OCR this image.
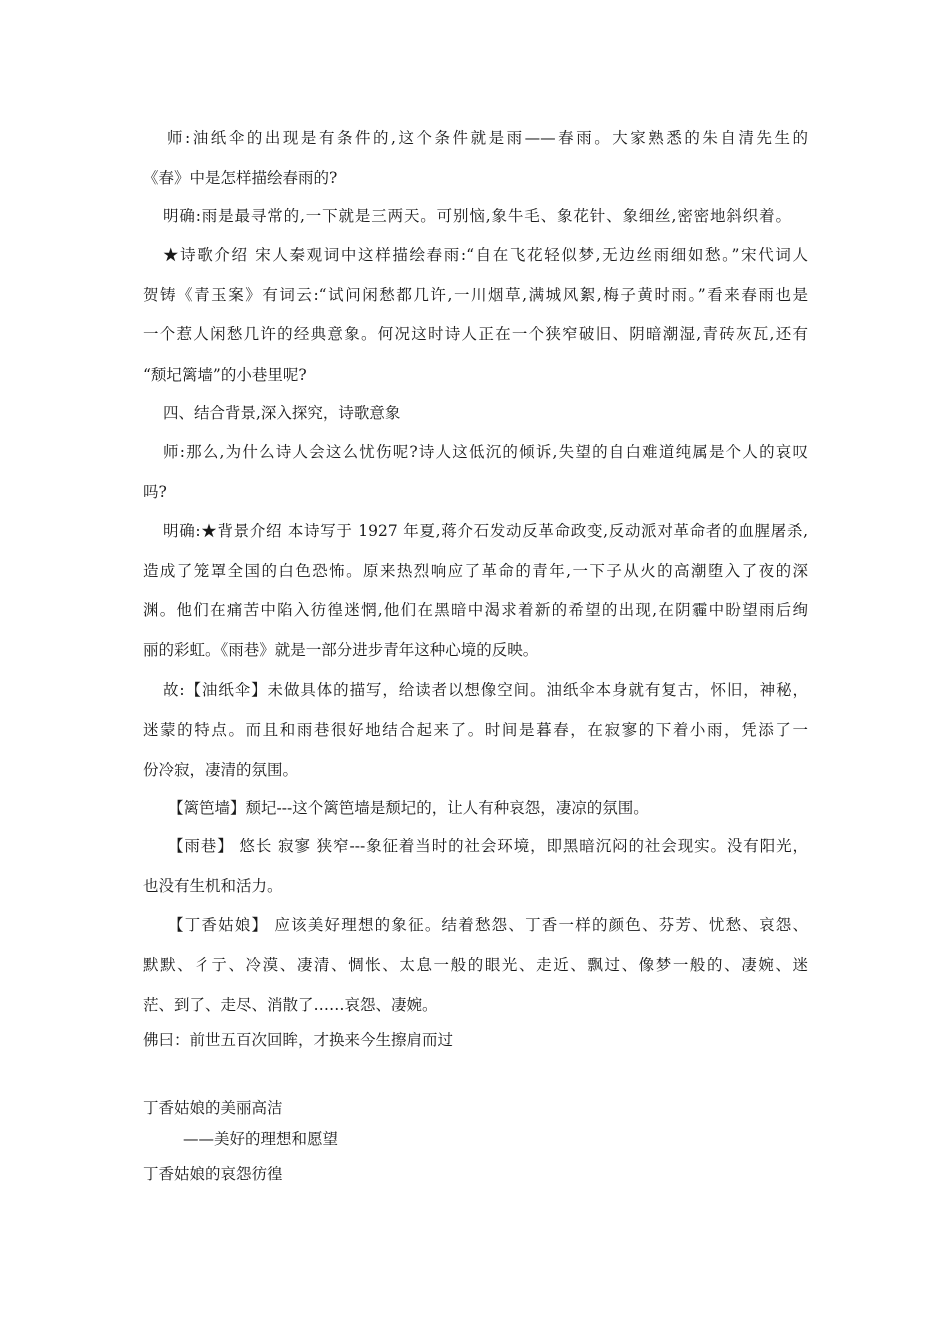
师:油纸伞的出现是有条件的,这个条件就是雨——春雨。大家熟悉的朱自清先生的
《春》中是怎样描绘春雨的?
明确:雨是最寻常的,一下就是三两天。可别恼,象牛毛、象花针、象细丝,密密地斜织着。
★诗歌介绍 宋人秦观词中这样描绘春雨:“自在飞花轻似梦,无边丝雨细如愁。”宋代词人
贺铸《青玉案》有词云:“试问闲愁都几许,一川烟草,满城风絮,梅子黄时雨。”看来春雨也是
一个惹人闲愁几许的经典意象。何况这时诗人正在一个狭窄破旧、阴暗潮湿,青砖灰瓦,还有
“颓圮篱墙”的小巷里呢?
四、结合背景,深入探究，诗歌意象
师:那么,为什么诗人会这么忧伤呢?诗人这低沉的倾诉,失望的自白难道纯属是个人的哀叹
吗?
明确:★背景介绍 本诗写于 1927 年夏,蒋介石发动反革命政变,反动派对革命者的血腥屠杀,
造成了笼罩全国的白色恐怖。原来热烈响应了革命的青年,一下子从火的高潮堕入了夜的深
渊。他们在痛苦中陷入彷徨迷惘,他们在黑暗中渴求着新的希望的出现,在阴霾中盼望雨后绚
丽的彩虹。《雨巷》就是一部分进步青年这种心境的反映。
故:【油纸伞】未做具体的描写，给读者以想像空间。油纸伞本身就有复古，怀旧，神秘，
迷蒙的特点。而且和雨巷很好地结合起来了。时间是暮春，在寂寥的下着小雨，凭添了一
份冷寂，凄清的氛围。
【篱笆墙】颓圮---这个篱笆墙是颓圮的，让人有种哀怨，凄凉的氛围。
【雨巷】 悠长 寂寥 狭窄---象征着当时的社会环境，即黑暗沉闷的社会现实。没有阳光，
也没有生机和活力。
【丁香姑娘】 应该美好理想的象征。结着愁怨、丁香一样的颜色、芬芳、忧愁、哀怨、
默默、彳亍、冷漠、凄清、惆怅、太息一般的眼光、走近、飘过、像梦一般的、凄婉、迷
茫、到了、走尽、消散了……哀怨、凄婉。
佛曰：前世五百次回眸，才换来今生擦肩而过
丁香姑娘的美丽高洁
——美好的理想和愿望
丁香姑娘的哀怨彷徨
